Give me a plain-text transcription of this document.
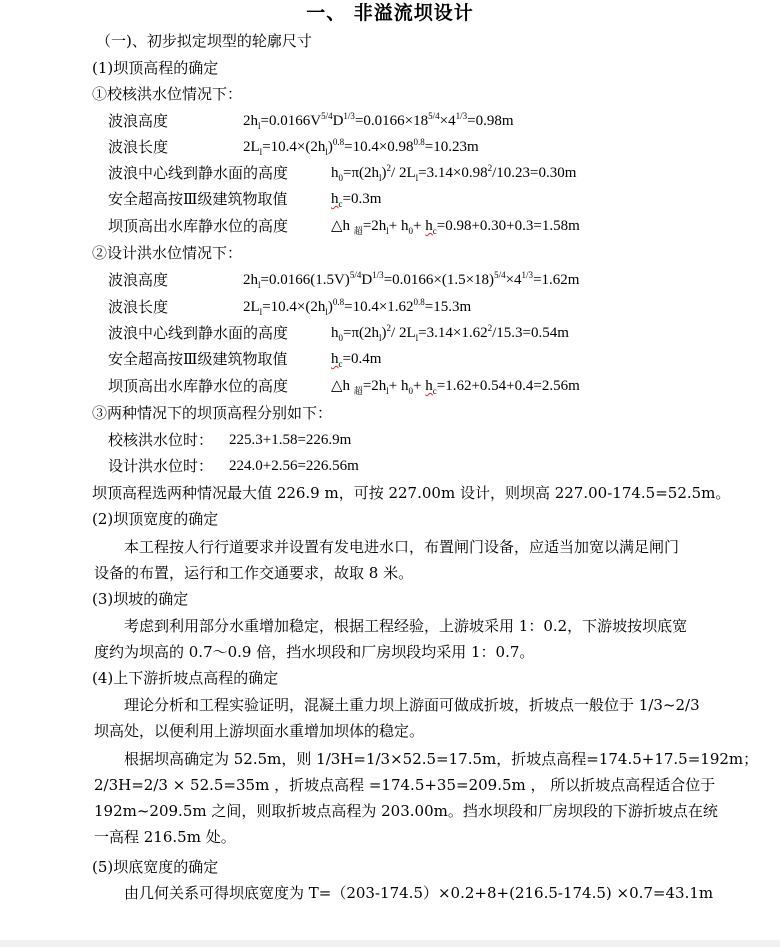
一、 非溢流坝设计
（一)、初步拟定坝型的轮廓尺寸
(1)坝顶高程的确定
①校核洪水位情况下：
波浪高度	$2h_l=0.0166V^{5/4}D^{1/3}=0.0166\times 18^{5/4}\times 4^{1/3}=0.98m$
波浪长度	$2L_l=10.4\times(2h_l)^{0.8}=10.4\times 0.98^{0.8}=10.23m$
波浪中心线到静水面的高度	$h_0=\pi(2h_l)^2/$ $2L_l=3.14\times 0.98^2/10.23=0.30m$
安全超高按Ⅲ级建筑物取值	$h_c=0.3m$
坝顶高出水库静水位的高度	△h $_超=2h_l+ h_0+ h_c=0.98+0.30+0.3=1.58m$
②设计洪水位情况下：
波浪高度	$2h_l=0.0166(1.5V)^{5/4}D^{1/3}=0.0166\times(1.5\times 18)^{5/4}\times 4^{1/3}=1.62m$
波浪长度	$2L_l=10.4\times(2h_l)^{0.8}=10.4\times 1.62^{0.8}=15.3m$
波浪中心线到静水面的高度	$h_0=\pi(2h_l)^2/$ $2L_l=3.14\times 1.62^2/15.3=0.54m$
安全超高按Ⅲ级建筑物取值	$h_c=0.4m$
坝顶高出水库静水位的高度	△h $_超=2h_l+ h_0+ h_c=1.62+0.54+0.4=2.56m$
③两种情况下的坝顶高程分别如下：
校核洪水位时： 225.3+1.58=226.9m
设计洪水位时： 224.0+2.56=226.56m
坝顶高程选两种情况最大值 226.9 m，可按 227.00m 设计，则坝高 227.00-174.5=52.5m。
(2)坝顶宽度的确定
本工程按人行行道要求并设置有发电进水口，布置闸门设备，应适当加宽以满足闸门
设备的布置，运行和工作交通要求，故取 8 米。
(3)坝坡的确定
考虑到利用部分水重增加稳定，根据工程经验，上游坡采用 1：0.2，下游坡按坝底宽
度约为坝高的 0.7～0.9 倍，挡水坝段和厂房坝段均采用 1：0.7。
(4)上下游折坡点高程的确定
理论分析和工程实验证明，混凝土重力坝上游面可做成折坡，折坡点一般位于 1/3~2/3
坝高处，以便利用上游坝面水重增加坝体的稳定。
根据坝高确定为 52.5m，则 1/3H=1/3×52.5=17.5m，折坡点高程=174.5+17.5=192m；
2/3H=2/3 × 52.5=35m ，折坡点高程 =174.5+35=209.5m ， 所以折坡点高程适合位于
192m~209.5m 之间，则取折坡点高程为 203.00m。挡水坝段和厂房坝段的下游折坡点在统
一高程 216.5m 处。
(5)坝底宽度的确定
由几何关系可得坝底宽度为 T=（203-174.5）×0.2+8+(216.5-174.5) ×0.7=43.1m
